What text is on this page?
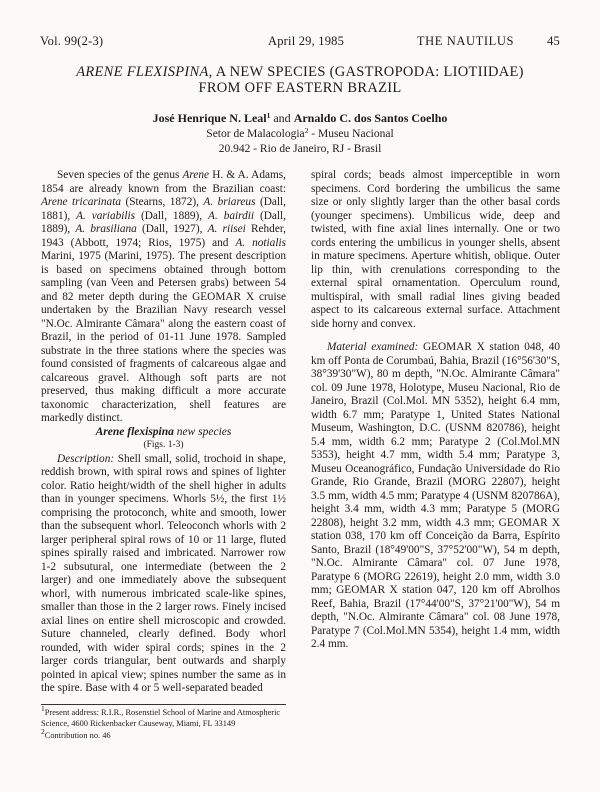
Vol. 99(2-3)	April 29, 1985	THE NAUTILUS	45
ARENE FLEXISPINA, A NEW SPECIES (GASTROPODA: LIOTIIDAE)
FROM OFF EASTERN BRAZIL
José Henrique N. Leal$^1$ and Arnaldo C. dos Santos Coelho
Setor de Malacologia$^2$ - Museu Nacional
20.942 - Rio de Janeiro, RJ - Brasil

Seven species of the genus Arene H. & A. Adams, 1854 are already known from the Brazilian coast: Arene tricarinata (Stearns, 1872), A. briareus (Dall, 1881), A. variabilis (Dall, 1889), A. bairdii (Dall, 1889), A. brasiliana (Dall, 1927), A. riisei Rehder, 1943 (Abbott, 1974; Rios, 1975) and A. notialis Marini, 1975 (Marini, 1975). The present description is based on specimens obtained through bottom sampling (van Veen and Petersen grabs) between 54 and 82 meter depth during the GEOMAR X cruise undertaken by the Brazilian Navy research vessel "N.Oc. Almirante Câmara" along the eastern coast of Brazil, in the period of 01-11 June 1978. Sampled substrate in the three stations where the species was found consisted of fragments of calcareous algae and calcareous gravel. Although soft parts are not preserved, thus making difficult a more accurate taxonomic characterization, shell features are markedly distinct.

Arene flexispina new species

(Figs. 1-3)

Description: Shell small, solid, trochoid in shape, reddish brown, with spiral rows and spines of lighter color. Ratio height/width of the shell higher in adults than in younger specimens. Whorls 5½, the first 1½ comprising the protoconch, white and smooth, lower than the subsequent whorl. Teleoconch whorls with 2 larger peripheral spiral rows of 10 or 11 large, fluted spines spirally raised and imbricated. Narrower row 1-2 subsutural, one intermediate (between the 2 larger) and one immediately above the subsequent whorl, with numerous imbricated scale-like spines, smaller than those in the 2 larger rows. Finely incised axial lines on entire shell microscopic and crowded. Suture channeled, clearly defined. Body whorl rounded, with wider spiral cords; spines in the 2 larger cords triangular, bent outwards and sharply pointed in apical view; spines number the same as in the spire. Base with 4 or 5 well-separated beaded

spiral cords; beads almost imperceptible in worn specimens. Cord bordering the umbilicus the same size or only slightly larger than the other basal cords (younger specimens). Umbilicus wide, deep and twisted, with fine axial lines internally. One or two cords entering the umbilicus in younger shells, absent in mature specimens. Aperture whitish, oblique. Outer lip thin, with crenulations corresponding to the external spiral ornamentation. Operculum round, multispiral, with small radial lines giving beaded aspect to its calcareous external surface. Attachment side horny and convex.

Material examined: GEOMAR X station 048, 40 km off Ponta de Corumbaú, Bahia, Brazil (16°56'30"S, 38°39'30"W), 80 m depth, "N.Oc. Almirante Câmara" col. 09 June 1978, Holotype, Museu Nacional, Rio de Janeiro, Brazil (Col.Mol. MN 5352), height 6.4 mm, width 6.7 mm; Paratype 1, United States National Museum, Washington, D.C. (USNM 820786), height 5.4 mm, width 6.2 mm; Paratype 2 (Col.Mol.MN 5353), height 4.7 mm, width 5.4 mm; Paratype 3, Museu Oceanográfico, Fundação Universidade do Rio Grande, Rio Grande, Brazil (MORG 22807), height 3.5 mm, width 4.5 mm; Paratype 4 (USNM 820786A), height 3.4 mm, width 4.3 mm; Paratype 5 (MORG 22808), height 3.2 mm, width 4.3 mm; GEOMAR X station 038, 170 km off Conceição da Barra, Espírito Santo, Brazil (18°49'00"S, 37°52'00"W), 54 m depth, "N.Oc. Almirante Câmara" col. 07 June 1978, Paratype 6 (MORG 22619), height 2.0 mm, width 3.0 mm; GEOMAR X station 047, 120 km off Abrolhos Reef, Bahia, Brazil (17°44'00"S, 37°21'00"W), 54 m depth, "N.Oc. Almirante Câmara" col. 08 June 1978, Paratype 7 (Col.Mol.MN 5354), height 1.4 mm, width 2.4 mm.

$^1$Present address: R.I.R., Rosenstiel School of Marine and Atmospheric Science, 4600 Rickenbacker Causeway, Miami, FL 33149

$^2$Contribution no. 46
